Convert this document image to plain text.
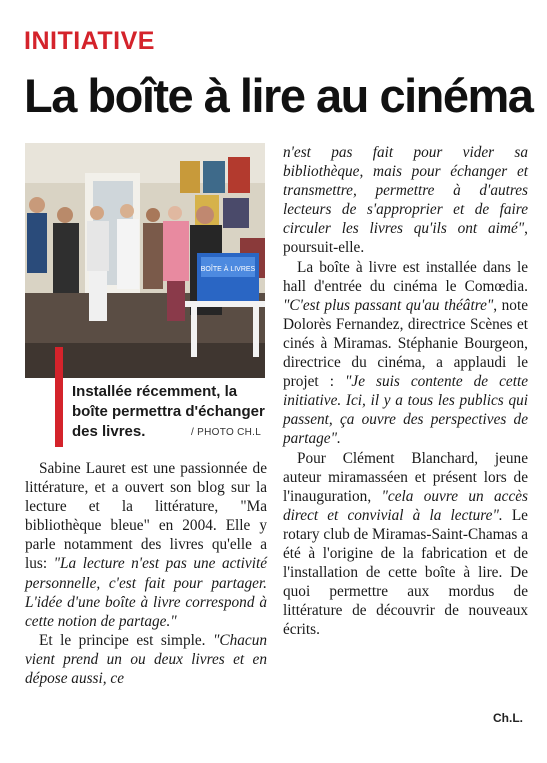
INITIATIVE
La boîte à lire au cinéma
BOÎTE À LIVRES
Installée récemment, la boîte permettra d'échanger des livres.	/ PHOTO CH.L

Sabine Lauret est une passionnée de littérature, et a ouvert son blog sur la lecture et la littérature, "Ma bibliothèque bleue" en 2004. Elle y parle notamment des livres qu'elle a lus: "La lecture n'est pas une activité personnelle, c'est fait pour partager. L'idée d'une boîte à livre correspond à cette notion de partage."

Et le principe est simple. "Chacun vient prend un ou deux livres et en dépose aussi, ce

n'est pas fait pour vider sa bibliothèque, mais pour échanger et transmettre, permettre à d'autres lecteurs de s'approprier et de faire circuler les livres qu'ils ont aimé", poursuit-elle.

La boîte à livre est installée dans le hall d'entrée du cinéma le Comœdia. "C'est plus passant qu'au théâtre", note Dolorès Fernandez, directrice Scènes et cinés à Miramas. Stéphanie Bourgeon, directrice du cinéma, a applaudi le projet : "Je suis contente de cette initiative. Ici, il y a tous les publics qui passent, ça ouvre des perspectives de partage".

Pour Clément Blanchard, jeune auteur miramasséen et présent lors de l'inauguration, "cela ouvre un accès direct et convivial à la lecture". Le rotary club de Miramas-Saint-Chamas a été à l'origine de la fabrication et de l'installation de cette boîte à lire. De quoi permettre aux mordus de littérature de découvrir de nouveaux écrits.

Ch.L.
